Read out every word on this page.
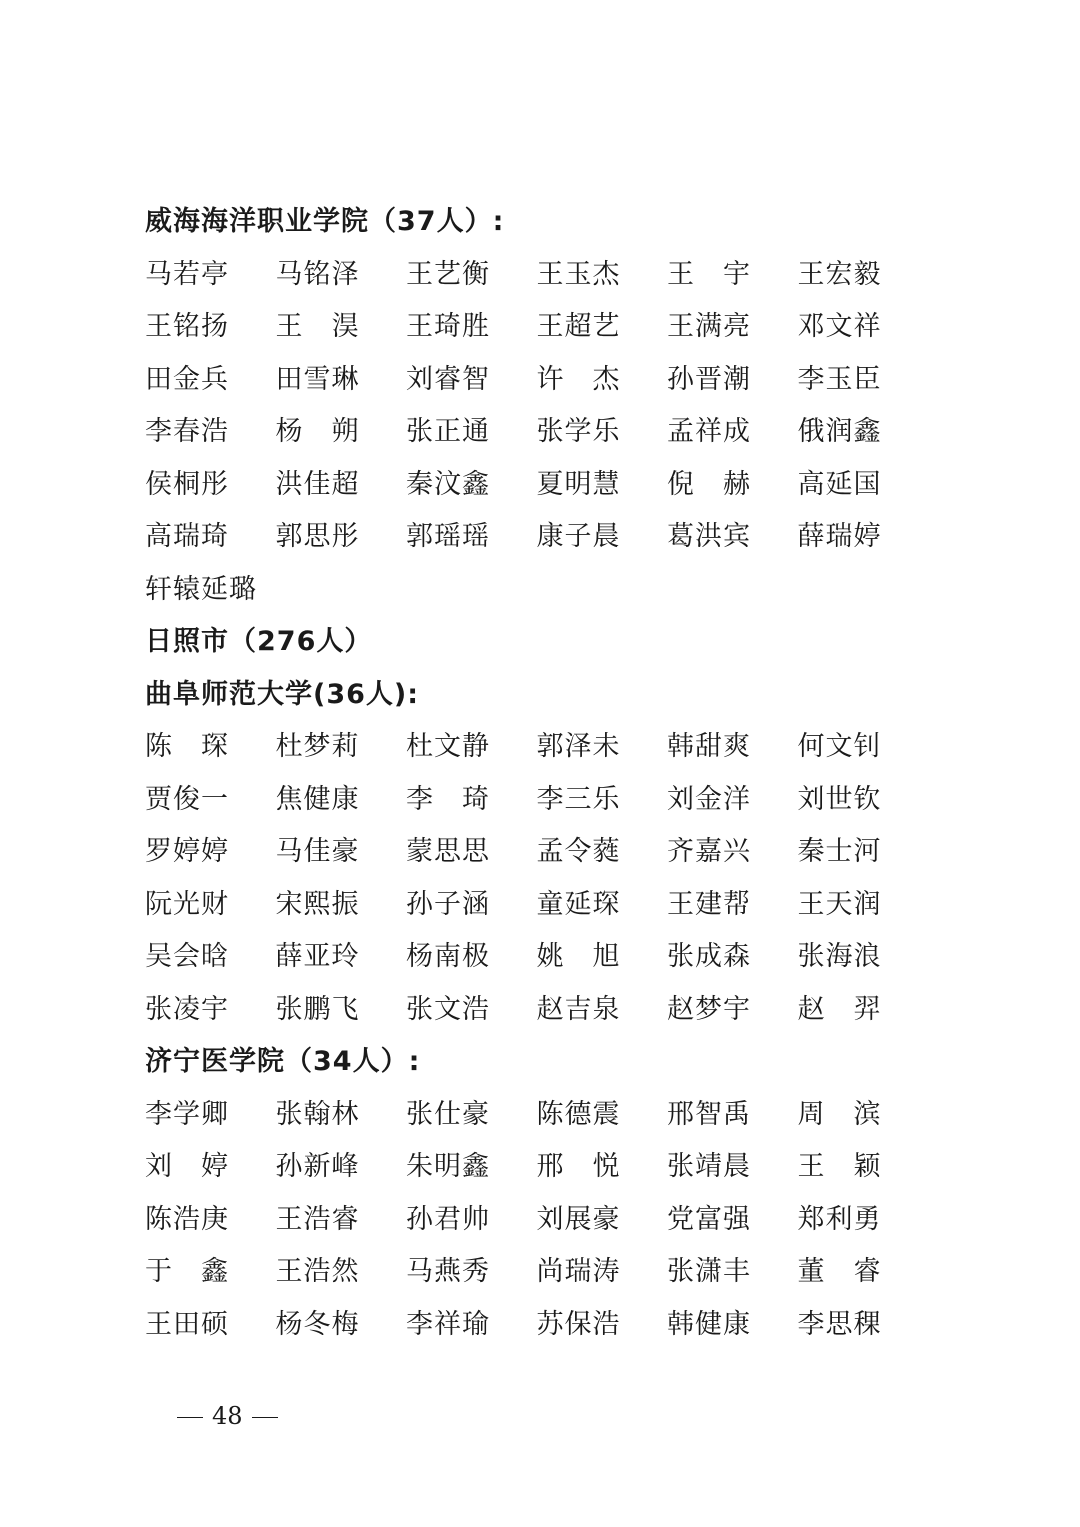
威海海洋职业学院（37人）:
马若亭 马铭泽 王艺衡 王玉杰 王宇 王宏毅
王铭扬 王淏 王琦胜 王超艺 王满亮 邓文祥
田金兵 田雪琳 刘睿智 许杰 孙晋潮 李玉臣
李春浩 杨朔 张正通 张学乐 孟祥成 俄润鑫
侯桐彤 洪佳超 秦汶鑫 夏明慧 倪赫 高延国
高瑞琦 郭思彤 郭瑶瑶 康子晨 葛洪宾 薛瑞婷
轩辕延璐
日照市（276人）
曲阜师范大学(36人):
陈琛 杜梦莉 杜文静 郭泽未 韩甜爽 何文钊
贾俊一 焦健康 李琦 李三乐 刘金洋 刘世钦
罗婷婷 马佳豪 蒙思思 孟令蕤 齐嘉兴 秦士河
阮光财 宋熙振 孙子涵 童延琛 王建帮 王天润
吴会晗 薛亚玲 杨南极 姚旭 张成森 张海浪
张凌宇 张鹏飞 张文浩 赵吉泉 赵梦宇 赵羿
济宁医学院（34人）:
李学卿 张翰林 张仕豪 陈德震 邢智禹 周滨
刘婷 孙新峰 朱明鑫 邢悦 张靖晨 王颖
陈浩庚 王浩睿 孙君帅 刘展豪 党富强 郑利勇
于鑫 王浩然 马燕秀 尚瑞涛 张潇丰 董睿
王田硕 杨冬梅 李祥瑜 苏保浩 韩健康 李思稞
48
